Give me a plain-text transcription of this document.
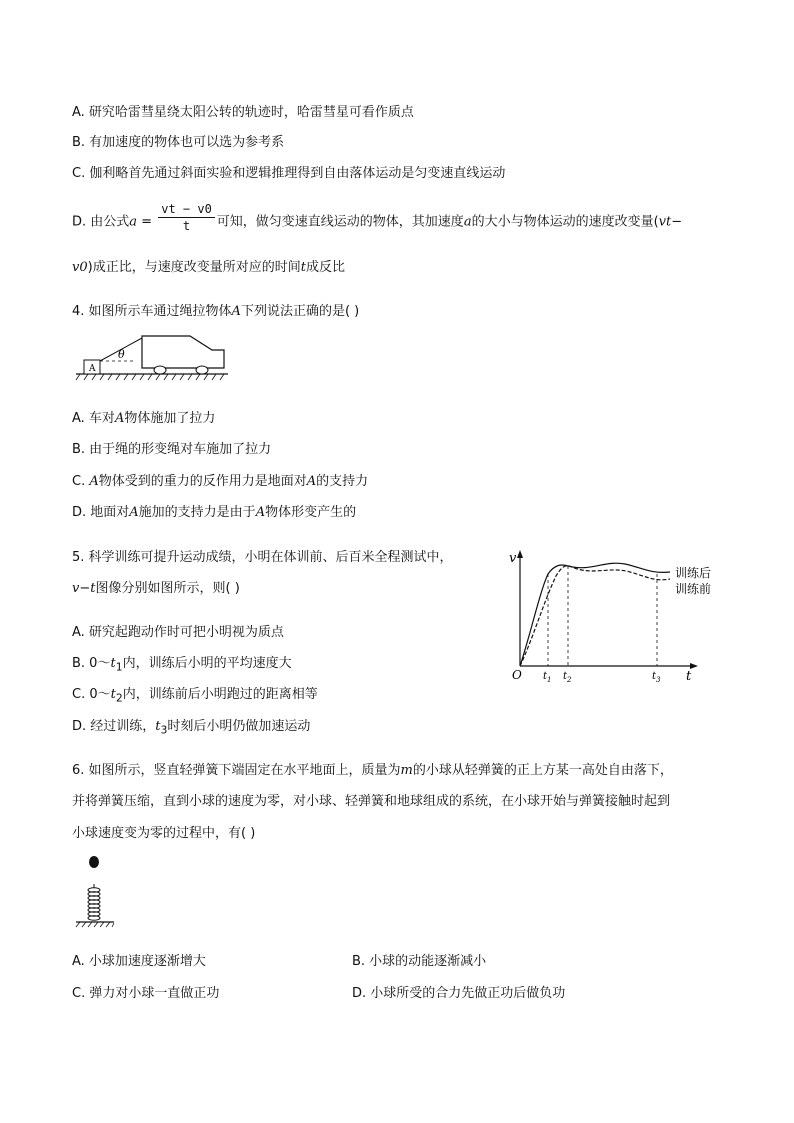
A. 研究哈雷彗星绕太阳公转的轨迹时，哈雷彗星可看作质点
B. 有加速度的物体也可以选为参考系
C. 伽利略首先通过斜面实验和逻辑推理得到自由落体运动是匀变速直线运动
D. 由公式$a = \frac{vt - v0}{t}$ 可知，做匀变速直线运动的物体，其加速度a的大小与物体运动的速度改变量(vt−
v0)成正比，与速度改变量所对应的时间t成反比
4. 如图所示车通过绳拉物体A下列说法正确的是( )
A
θ
A. 车对A物体施加了拉力
B. 由于绳的形变绳对车施加了拉力
C. A物体受到的重力的反作用力是地面对A的支持力
D. 地面对A施加的支持力是由于A物体形变产生的
5. 科学训练可提升运动成绩，小明在体训前、后百米全程测试中，
v−t图像分别如图所示，则( )
A. 研究起跑动作时可把小明视为质点
B. $0\sim t_1$内，训练后小明的平均速度大
C. $0\sim t_2$内，训练前后小明跑过的距离相等
D. 经过训练，$t_3$时刻后小明仍做加速运动
v
O	t
$t_1$ $t_2$	$t_3$
训练后
训练前
6. 如图所示，竖直轻弹簧下端固定在水平地面上，质量为m的小球从轻弹簧的正上方某一高处自由落下，
并将弹簧压缩，直到小球的速度为零，对小球、轻弹簧和地球组成的系统，在小球开始与弹簧接触时起到
小球速度变为零的过程中，有( )
A. 小球加速度逐渐增大	B. 小球的动能逐渐减小
C. 弹力对小球一直做正功	D. 小球所受的合力先做正功后做负功
